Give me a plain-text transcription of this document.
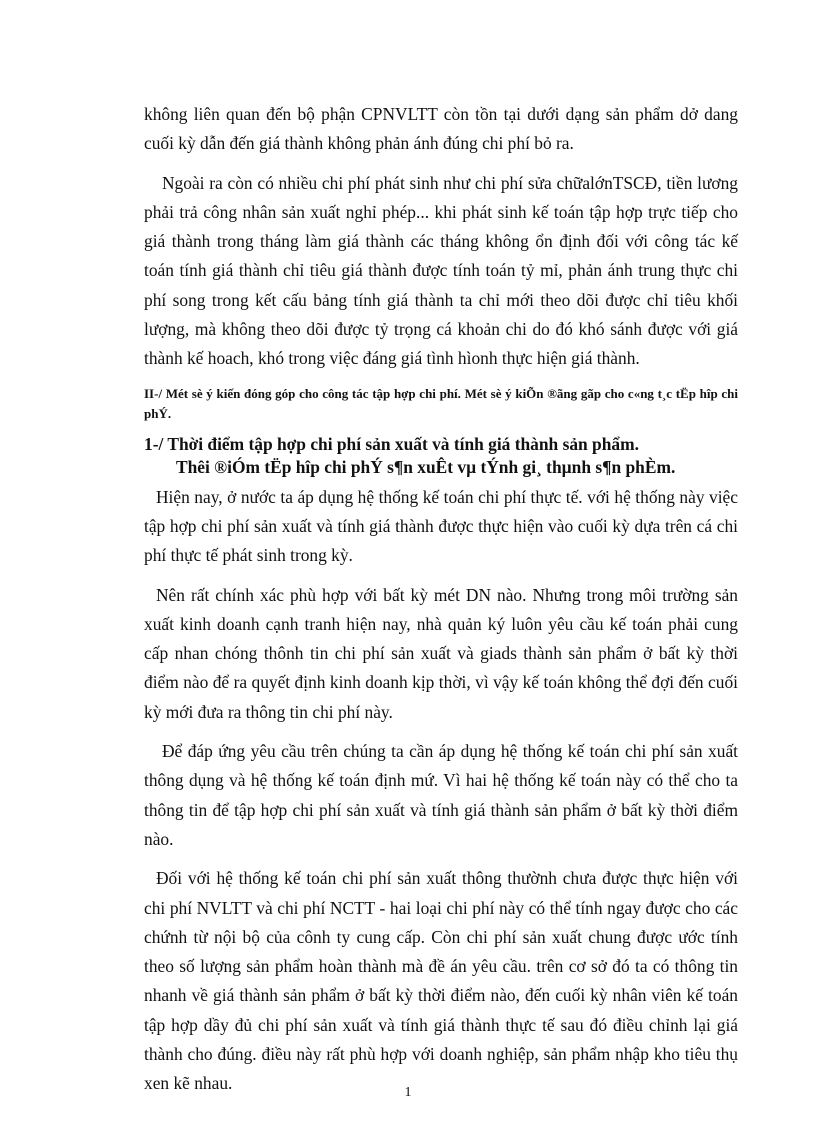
không liên quan đến bộ phận CPNVLTT còn tồn tại dưới dạng sản phẩm dở dang cuối kỳ dẫn đến giá thành không phản ánh đúng chi phí bỏ ra.

Ngoài ra còn có nhiều chi phí phát sinh như chi phí sửa chữalớnTSCĐ, tiền lương phải trả công nhân sản xuất nghỉ phép... khi phát sinh kế toán tập hợp trực tiếp cho giá thành trong tháng làm giá thành các tháng không ổn định đối với công tác kế toán tính giá thành chỉ tiêu giá thành được tính toán tỷ mỉ, phản ánh trung thực chi phí song trong kết cấu bảng tính giá thành ta chỉ mới theo dõi được chỉ tiêu khối lượng, mà không theo dõi được tỷ trọng cá khoản chi do đó khó sánh được với giá thành kế hoach, khó trong việc đáng giá tình hìonh thực hiện giá thành.

II-/ Mét sè ý kiến đóng góp cho công tác tập hợp chi phí. Mét sè ý kiÕn ®ãng gãp cho c«ng t¸c tËp hîp chi phÝ.
1-/ Thời điểm tập hợp chi phí sản xuất và tính giá thành sản phẩm.
Thêi ®iÓm tËp hîp chi phÝ s¶n xuÊt vµ tÝnh gi¸ thµnh s¶n phÈm.

Hiện nay, ở nước ta áp dụng hệ thống kế toán chi phí thực tế. với hệ thống này việc tập hợp chi phí sản xuất và tính giá thành được thực hiện vào cuối kỳ dựa trên cá chi phí thực tế phát sinh trong kỳ.

Nên rất chính xác phù hợp với bất kỳ mét DN nào. Nhưng trong môi trường sản xuất kinh doanh cạnh tranh hiện nay, nhà quản ký luôn yêu cầu kế toán phải cung cấp nhan chóng thônh tin chi phí sản xuất và giads thành sản phẩm ở bất kỳ thời điểm nào để ra quyết định kinh doanh kịp thời, vì vậy kế toán không thể đợi đến cuối kỳ mới đưa ra thông tin chi phí này.

Để đáp ứng yêu cầu trên chúng ta cần áp dụng hệ thống kế toán chi phí sản xuất thông dụng và hệ thống kế toán định mứ. Vì hai hệ thống kế toán này có thể cho ta thông tin để tập hợp chi phí sản xuất và tính giá thành sản phẩm ở bất kỳ thời điểm nào.

Đối với hệ thống kế toán chi phí sản xuất thông thườnh chưa được thực hiện với chi phí NVLTT và chi phí NCTT - hai loại chi phí này có thể tính ngay được cho các chứnh từ nội bộ của cônh ty cung cấp. Còn chi phí sản xuất chung được ước tính theo số lượng sản phẩm hoàn thành mà đề án yêu cầu. trên cơ sở đó ta có thông tin nhanh về giá thành sản phẩm ở bất kỳ thời điểm nào, đến cuối kỳ nhân viên kế toán tập hợp dầy đủ chi phí sản xuất và tính giá thành thực tế sau đó điều chỉnh lại giá thành cho đúng. điều này rất phù hợp với doanh nghiệp, sản phẩm nhập kho tiêu thụ xen kẽ nhau.	1
